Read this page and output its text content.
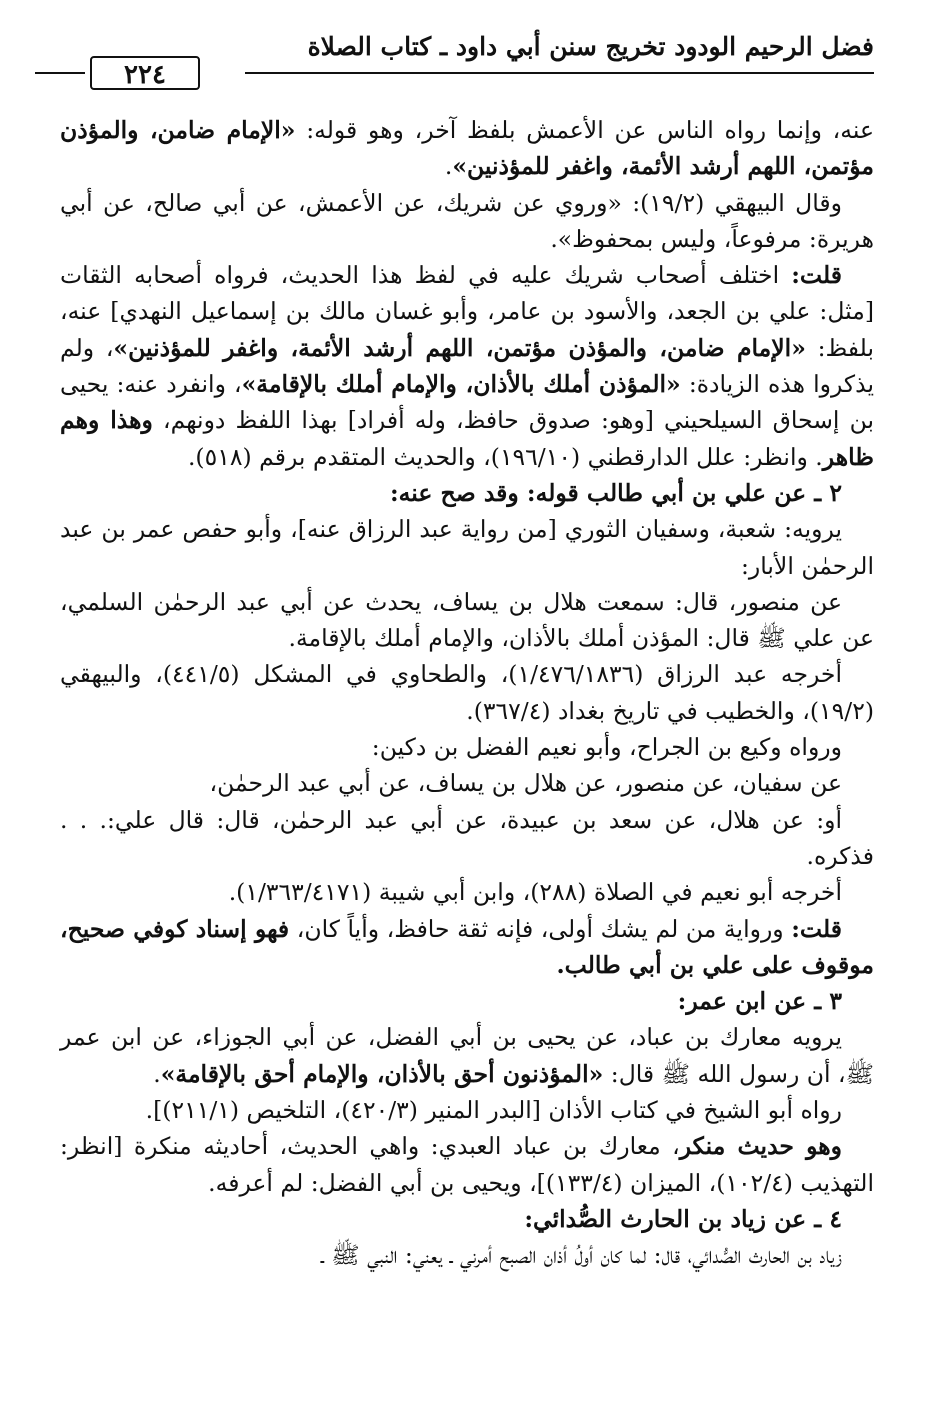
فضل الرحيم الودود تخريج سنن أبي داود ـ كتاب الصلاة
٢٢٤

عنه، وإنما رواه الناس عن الأعمش بلفظ آخر، وهو قوله: «الإمام ضامن، والمؤذن مؤتمن، اللهم أرشد الأئمة، واغفر للمؤذنين».

وقال البيهقي (١٩/٢): «وروي عن شريك، عن الأعمش، عن أبي صالح، عن أبي هريرة: مرفوعاً، وليس بمحفوظ».

قلت: اختلف أصحاب شريك عليه في لفظ هذا الحديث، فرواه أصحابه الثقات [مثل: علي بن الجعد، والأسود بن عامر، وأبو غسان مالك بن إسماعيل النهدي] عنه، بلفظ: «الإمام ضامن، والمؤذن مؤتمن، اللهم أرشد الأئمة، واغفر للمؤذنين»، ولم يذكروا هذه الزيادة: «المؤذن أملك بالأذان، والإمام أملك بالإقامة»، وانفرد عنه: يحيى بن إسحاق السيلحيني [وهو: صدوق حافظ، وله أفراد] بهذا اللفظ دونهم، وهذا وهم ظاهر. وانظر: علل الدارقطني (١٩٦/١٠)، والحديث المتقدم برقم (٥١٨).

٢ ـ عن علي بن أبي طالب قوله: وقد صح عنه:

يرويه: شعبة، وسفيان الثوري [من رواية عبد الرزاق عنه]، وأبو حفص عمر بن عبد الرحمٰن الأبار:

عن منصور، قال: سمعت هلال بن يساف، يحدث عن أبي عبد الرحمٰن السلمي، عن علي ﷺ قال: المؤذن أملك بالأذان، والإمام أملك بالإقامة.

أخرجه عبد الرزاق (١/٤٧٦/١٨٣٦)، والطحاوي في المشكل (٤٤١/٥)، والبيهقي (١٩/٢)، والخطيب في تاريخ بغداد (٣٦٧/٤).

ورواه وكيع بن الجراح، وأبو نعيم الفضل بن دكين:

عن سفيان، عن منصور، عن هلال بن يساف، عن أبي عبد الرحمٰن،

أو: عن هلال، عن سعد بن عبيدة، عن أبي عبد الرحمٰن، قال: قال علي:. . . فذكره.

أخرجه أبو نعيم في الصلاة (٢٨٨)، وابن أبي شيبة (١/٣٦٣/٤١٧١).

قلت: ورواية من لم يشك أولى، فإنه ثقة حافظ، وأياً كان، فهو إسناد كوفي صحيح، موقوف على علي بن أبي طالب.

٣ ـ عن ابن عمر:

يرويه معارك بن عباد، عن يحيى بن أبي الفضل، عن أبي الجوزاء، عن ابن عمر ﷺ، أن رسول الله ﷺ قال: «المؤذنون أحق بالأذان، والإمام أحق بالإقامة».

رواه أبو الشيخ في كتاب الأذان [البدر المنير (٤٢٠/٣)، التلخيص (٢١١/١)].

وهو حديث منكر، معارك بن عباد العبدي: واهي الحديث، أحاديثه منكرة [انظر: التهذيب (١٠٢/٤)، الميزان (١٣٣/٤)]، ويحيى بن أبي الفضل: لم أعرفه.

٤ ـ عن زياد بن الحارث الصُّدائي:

زياد بن الحارث الصُّدائي، قال: لما كان أولُ أذان الصبح أمرني ـ يعني: النبي ﷺ ـ
